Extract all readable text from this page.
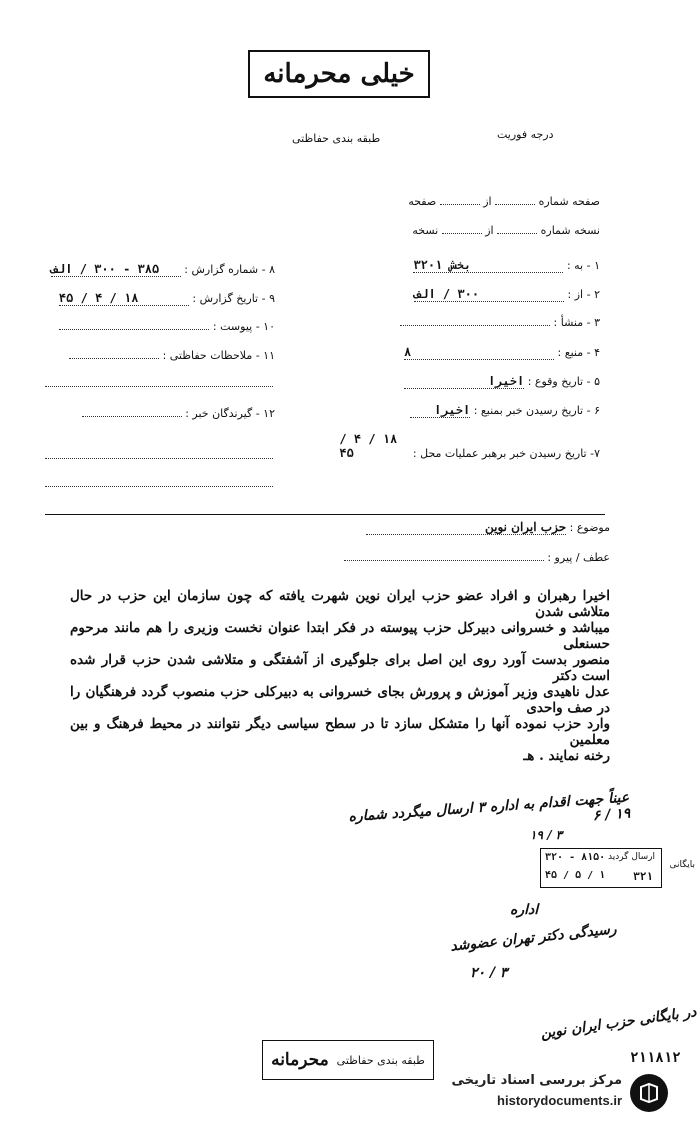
خیلی محرمانه
طبقه بندی حفاظتی	درجه فوریت
صفحه شماره  از  صفحه
نسخه شماره  از  نسخه
۱ - به : بخش ۳۲۰۱
۲ - از : ۳۰۰ / الف
۳ - منشأ :
۴ - منبع : ۸
۵ - تاریخ وقوع : اخیرا
۶ - تاریخ رسیدن خبر بمنبع : اخیرا
۷- تاریخ رسیدن خبر برهبر عملیات محل : ۱۸ / ۴ / ۴۵
۸ - شماره گزارش : ۳۸۵ - ۳۰۰ / الف
۹ - تاریخ گزارش : ۱۸ / ۴ / ۴۵
۱۰ - پیوست :
۱۱ - ملاحظات حفاظتی :
۱۲ - گیرندگان خبر :
موضوع : حزب ایران نوین
عطف / پیرو :
اخیرا رهبران و افراد عضو حزب ایران نوین شهرت یافته که چون سازمان این حزب در حال متلاشی شدن
میباشد و خسروانی دبیرکل حزب پیوسته در فکر ابتدا عنوان نخست وزیری را هم مانند مرحوم حسنعلی
منصور بدست آورد روی این اصل برای جلوگیری از آشفتگی و متلاشی شدن حزب قرار شده است دکتر
عدل ناهیدی وزیر آموزش و پرورش بجای خسروانی به دبیرکلی حزب منصوب گردد فرهنگیان را در صف واحدی
وارد حزب نموده آنها را متشکل سازد تا در سطح سیاسی دیگر نتوانند در محیط فرهنگ و بین معلمین
رخنه نمایند . هـ
عیناً جهت اقدام به اداره ۳ ارسال میگردد شماره ۱۹ / ۶
۳ / ۱۹
۳۲۰ - ۸۱۵۰
۴۵ / ۵ / ۱
ارسال گردید
۳۲۱
بایگانی
اداره
رسیدگی دکتر تهران عضوشد
۳ / ۲۰
در بایگانی حزب ایران نوین
۲۱۱۸۱۲
طبقه بندی حفاظتی
محرمانه
مرکز بررسی اسناد تاریخی
historydocuments.ir
